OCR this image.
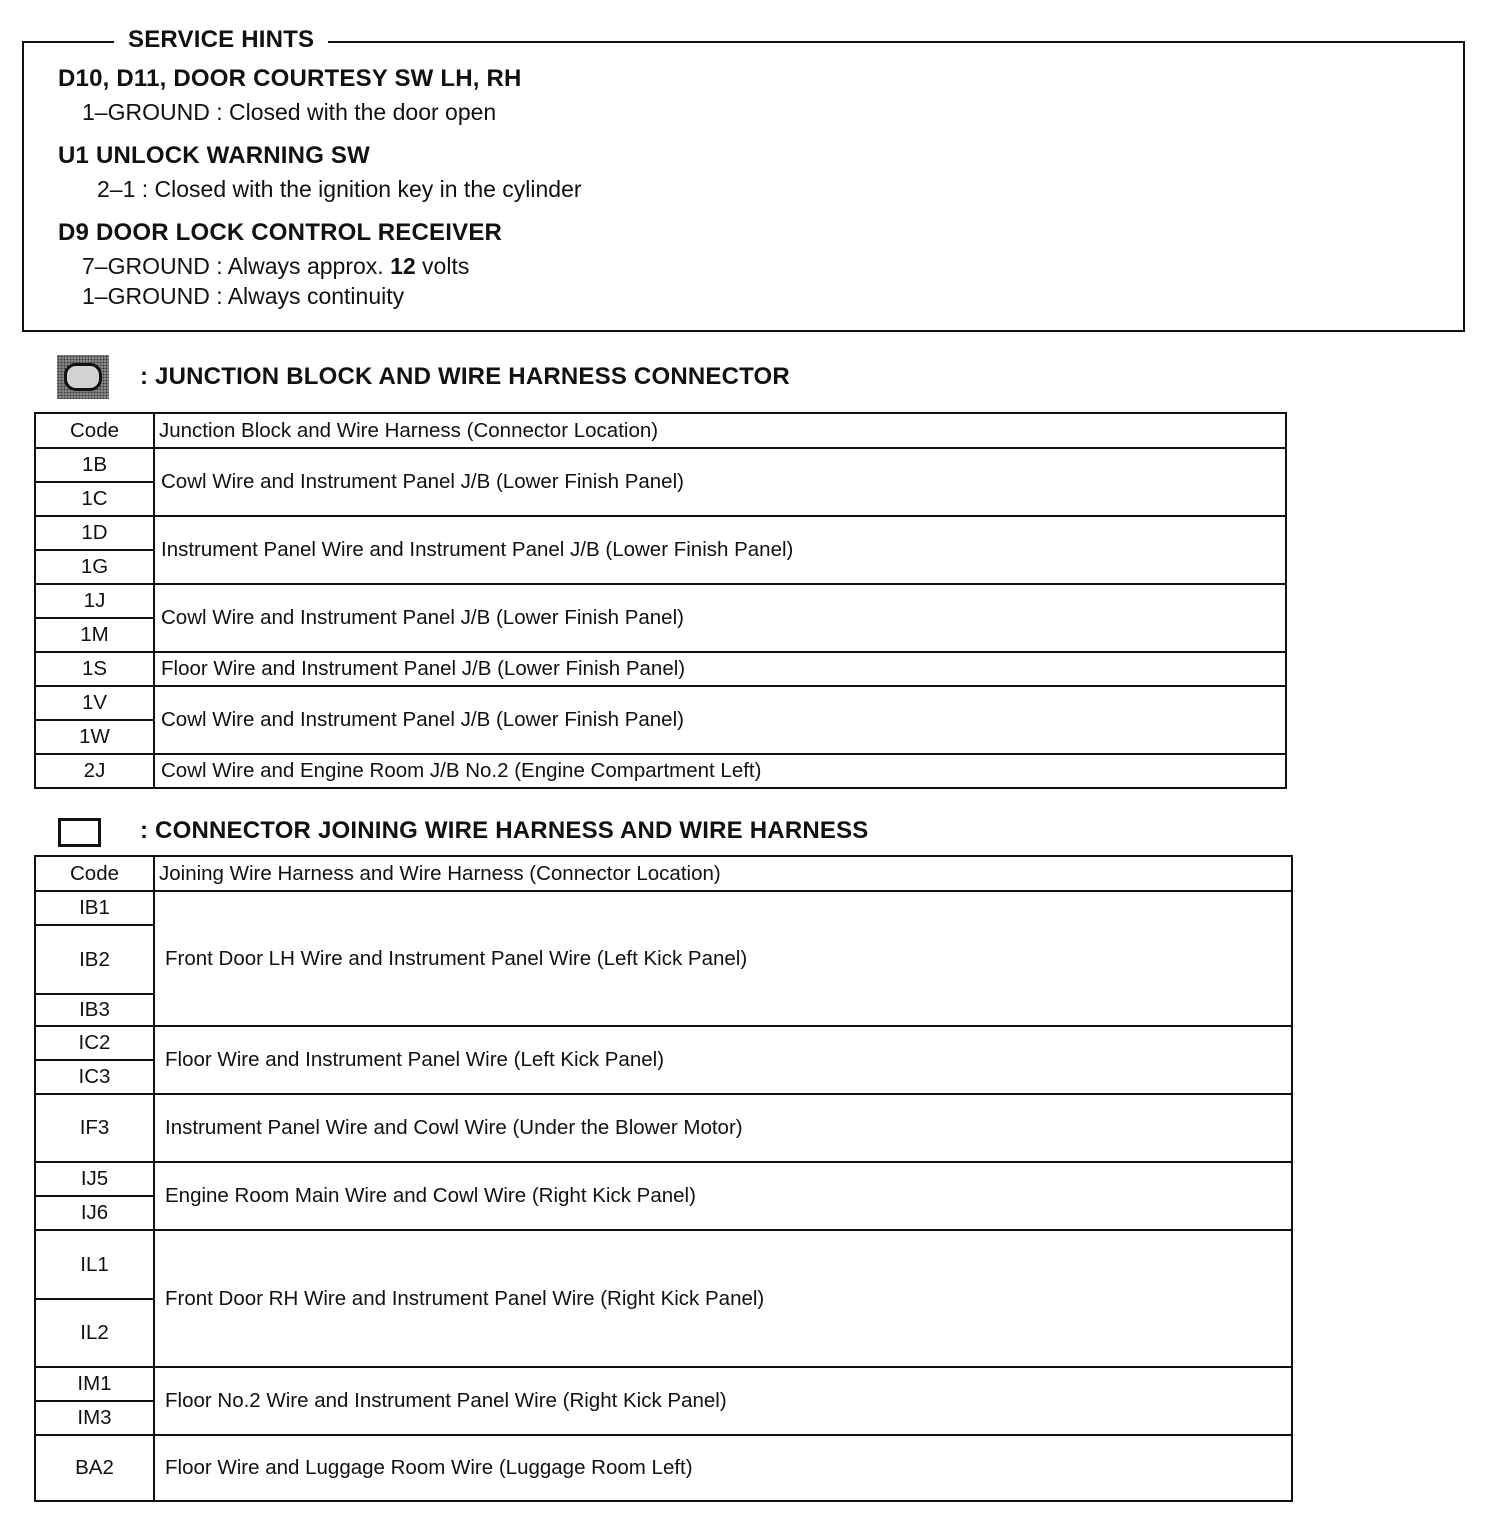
SERVICE HINTS
D10, D11, DOOR COURTESY SW LH, RH
1–GROUND : Closed with the door open
U1 UNLOCK WARNING SW
2–1 : Closed with the ignition key in the cylinder
D9 DOOR LOCK CONTROL RECEIVER
7–GROUND : Always approx. 12 volts
1–GROUND : Always continuity
: JUNCTION BLOCK AND WIRE HARNESS CONNECTOR
Code	Junction Block and Wire Harness (Connector Location)
1B	Cowl Wire and Instrument Panel J/B (Lower Finish Panel)
1C	
1D	Instrument Panel Wire and Instrument Panel J/B (Lower Finish Panel)
1G	
1J	Cowl Wire and Instrument Panel J/B (Lower Finish Panel)
1M	
1S	Floor Wire and Instrument Panel J/B (Lower Finish Panel)
1V	Cowl Wire and Instrument Panel J/B (Lower Finish Panel)
1W	
2J	Cowl Wire and Engine Room J/B No.2 (Engine Compartment Left)
: CONNECTOR JOINING WIRE HARNESS AND WIRE HARNESS
Code	Joining Wire Harness and Wire Harness (Connector Location)
IB1	Front Door LH Wire and Instrument Panel Wire (Left Kick Panel)
IB2	
IB3	
IC2	Floor Wire and Instrument Panel Wire (Left Kick Panel)
IC3	
IF3	Instrument Panel Wire and Cowl Wire (Under the Blower Motor)
IJ5	Engine Room Main Wire and Cowl Wire (Right Kick Panel)
IJ6	
IL1	Front Door RH Wire and Instrument Panel Wire (Right Kick Panel)
IL2	
IM1	Floor No.2 Wire and Instrument Panel Wire (Right Kick Panel)
IM3	
BA2	Floor Wire and Luggage Room Wire (Luggage Room Left)
